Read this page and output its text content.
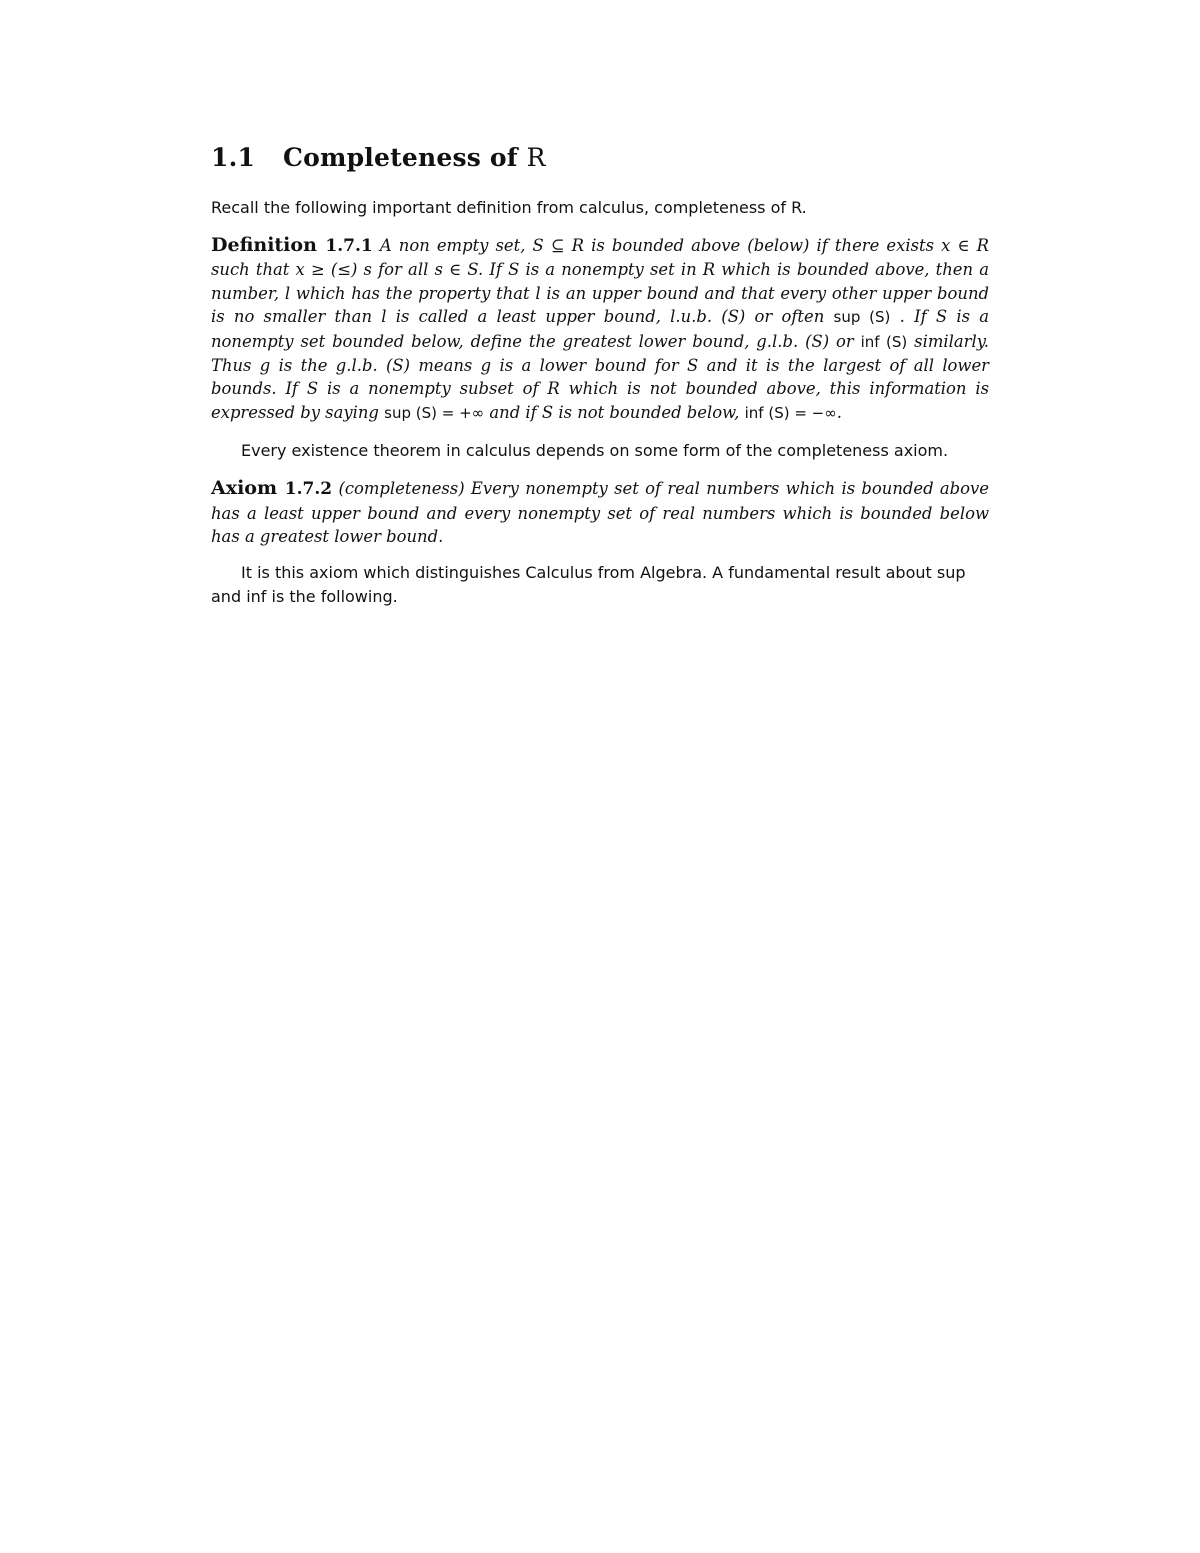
1.1 Completeness of R

Recall the following important definition from calculus, completeness of R.

Definition 1.7.1 A non empty set, S ⊆ R is bounded above (below) if there exists x ∈ R such that x ≥ (≤) s for all s ∈ S. If S is a nonempty set in R which is bounded above, then a number, l which has the property that l is an upper bound and that every other upper bound is no smaller than l is called a least upper bound, l.u.b. (S) or often sup (S) . If S is a nonempty set bounded below, define the greatest lower bound, g.l.b. (S) or inf (S) similarly. Thus g is the g.l.b. (S) means g is a lower bound for S and it is the largest of all lower bounds. If S is a nonempty subset of R which is not bounded above, this information is expressed by saying sup (S) = +∞ and if S is not bounded below, inf (S) = −∞.

Every existence theorem in calculus depends on some form of the completeness axiom.

Axiom 1.7.2 (completeness) Every nonempty set of real numbers which is bounded above has a least upper bound and every nonempty set of real numbers which is bounded below has a greatest lower bound.

It is this axiom which distinguishes Calculus from Algebra. A fundamental result about sup and inf is the following.
